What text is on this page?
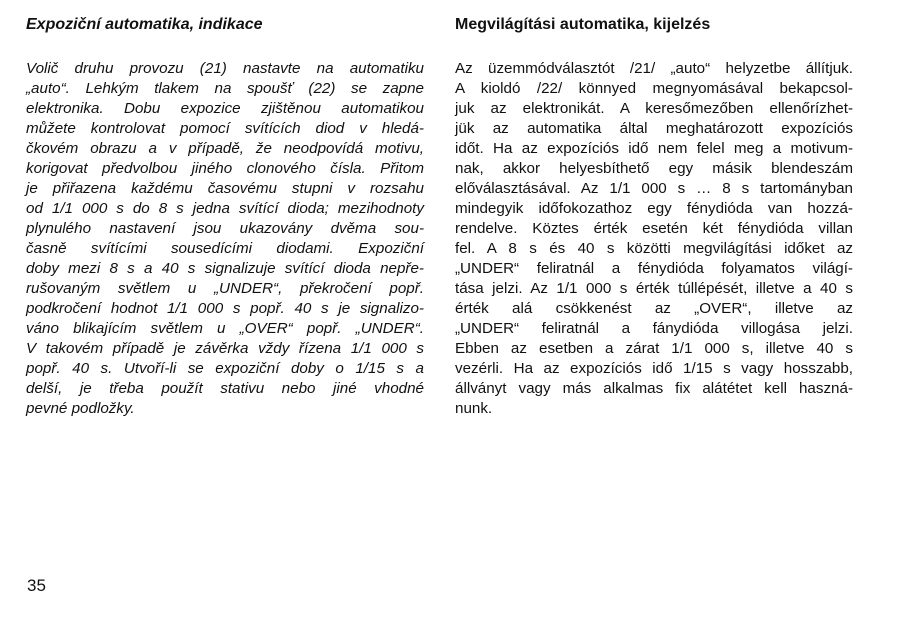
Expoziční automatika, indikace
Volič druhu provozu (21) nastavte na automatiku
„auto“. Lehkým tlakem na spoušť (22) se zapne
elektronika. Dobu expozice zjištěnou automatikou
můžete kontrolovat pomocí svítících diod v hledá-
čkovém obrazu a v případě, že neodpovídá motivu,
korigovat předvolbou jiného clonového čísla. Přitom
je přiřazena každému časovému stupni v rozsahu
od 1/1 000 s do 8 s jedna svítící dioda; mezihodnoty
plynulého nastavení jsou ukazovány dvěma sou-
časně svítícími sousedícími diodami. Expoziční
doby mezi 8 s a 40 s signalizuje svítící dioda nepře-
rušovaným světlem u „UNDER“, překročení popř.
podkročení hodnot 1/1 000 s popř. 40 s je signalizo-
váno blikajícím světlem u „OVER“ popř. „UNDER“.
V takovém případě je závěrka vždy řízena 1/1 000 s
popř. 40 s. Utvoří-li se expoziční doby o 1/15 s a
delší, je třeba použít stativu nebo jiné vhodné
pevné podložky.
Megvilágítási automatika, kijelzés
Az üzemmódválasztót /21/ „auto“ helyzetbe állítjuk.
A kioldó /22/ könnyed megnyomásával bekapcsol-
juk az elektronikát. A keresőmezőben ellenőrízhet-
jük az automatika által meghatározott expozíciós
időt. Ha az expozíciós idő nem felel meg a motivum-
nak, akkor helyesbíthető egy másik blendeszám
előválasztásával. Az 1/1 000 s … 8 s tartományban
mindegyik időfokozathoz egy fénydióda van hozzá-
rendelve. Köztes érték esetén két fénydióda villan
fel. A 8 s és 40 s közötti megvilágítási időket az
„UNDER“ feliratnál a fénydióda folyamatos világí-
tása jelzi. Az 1/1 000 s érték túllépését, illetve a 40 s
érték alá csökkenést az „OVER“, illetve az
„UNDER“ feliratnál a fánydióda villogása jelzi.
Ebben az esetben a zárat 1/1 000 s, illetve 40 s
vezérli. Ha az expozíciós idő 1/15 s vagy hosszabb,
állványt vagy más alkalmas fix alátétet kell haszná-
nunk.
35
